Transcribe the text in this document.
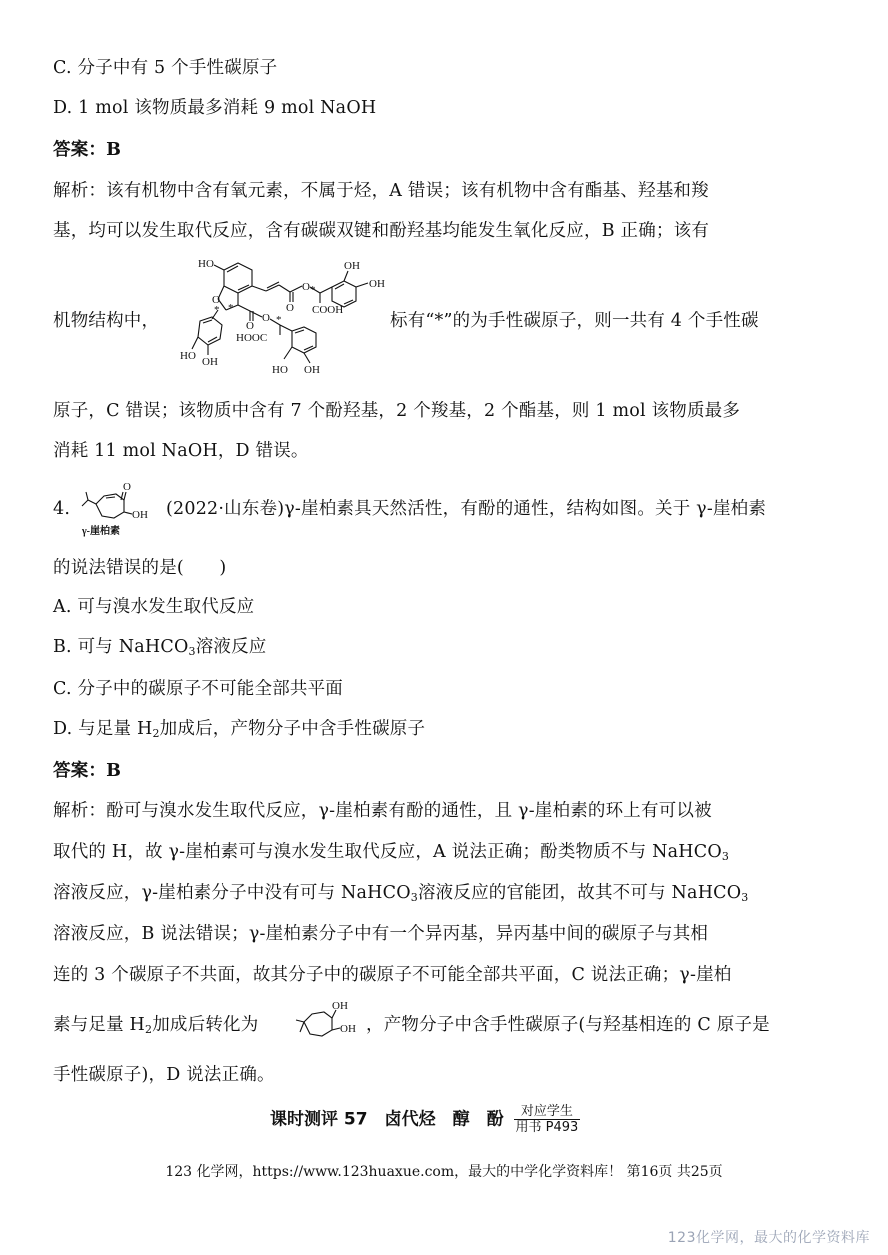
C. 分子中有 5 个手性碳原子
D. 1 mol 该物质最多消耗 9 mol NaOH
答案：B
解析：该有机物中含有氧元素，不属于烃，A 错误；该有机物中含有酯基、羟基和羧
基，均可以发生取代反应，含有碳碳双键和酚羟基均能发生氧化反应，B 正确；该有
机物结构中，	标有“*”的为手性碳原子，则一共有 4 个手性碳
HO	OH
OH
O
O
O COOH
HOOC
O
O
HO OH
HO OH
*
*
*
*
原子，C 错误；该物质中含有 7 个酚羟基，2 个羧基，2 个酯基，则 1 mol 该物质最多
消耗 11 mol NaOH，D 错误。
4.
O
OH
γ-崖柏素
(2022·山东卷)γ-崖柏素具天然活性，有酚的通性，结构如图。关于 γ-崖柏素
的说法错误的是(　　)
A. 可与溴水发生取代反应
B. 可与 NaHCO$_3$溶液反应
C. 分子中的碳原子不可能全部共平面
D. 与足量 $H_2$加成后，产物分子中含手性碳原子
答案：B
解析：酚可与溴水发生取代反应，γ-崖柏素有酚的通性，且 γ-崖柏素的环上有可以被
取代的 H，故 γ-崖柏素可与溴水发生取代反应，A 说法正确；酚类物质不与 NaHCO$_3$
溶液反应，γ-崖柏素分子中没有可与 NaHCO$_3$溶液反应的官能团，故其不可与 NaHCO$_3$
溶液反应，B 说法错误；γ-崖柏素分子中有一个异丙基，异丙基中间的碳原子与其相
连的 3 个碳原子不共面，故其分子中的碳原子不可能全部共平面，C 说法正确；γ-崖柏
素与足量 $H_2$加成后转化为
OH
OH ，产物分子中含手性碳原子(与羟基相连的 C 原子是
手性碳原子)，D 说法正确。
课时测评 57　卤代烃　醇　酚 $\frac{\text{对应学生}}{\text{用书 P493}}$
123 化学网，https://www.123huaxue.com，最大的中学化学资料库！ 第16页 共25页
123化学网，最大的化学资料库
